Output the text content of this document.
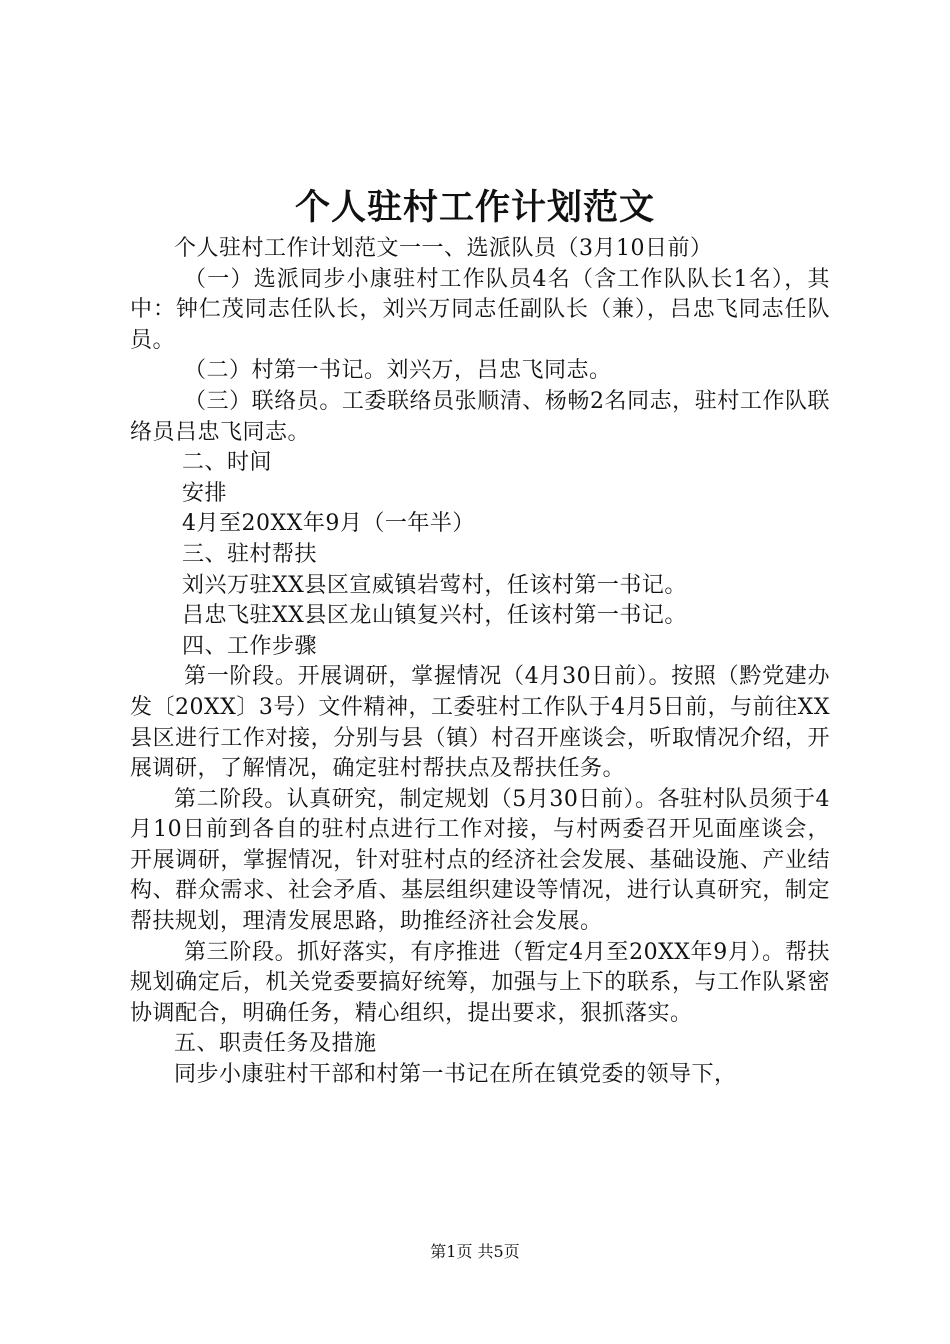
个人驻村工作计划范文

个人驻村工作计划范文一一、选派队员（3月10日前）

（一）选派同步小康驻村工作队员4名（含工作队队长1名），其中：钟仁茂同志任队长，刘兴万同志任副队长（兼），吕忠飞同志任队员。

（二）村第一书记。刘兴万，吕忠飞同志。

（三）联络员。工委联络员张顺清、杨畅2名同志，驻村工作队联络员吕忠飞同志。

二、时间

安排

4月至20XX年9月（一年半）

三、驻村帮扶

刘兴万驻XX县区宣威镇岩莺村，任该村第一书记。

吕忠飞驻XX县区龙山镇复兴村，任该村第一书记。

四、工作步骤

第一阶段。开展调研，掌握情况（4月30日前）。按照（黔党建办发〔20XX〕3号）文件精神，工委驻村工作队于4月5日前，与前往XX县区进行工作对接，分别与县（镇）村召开座谈会，听取情况介绍，开展调研，了解情况，确定驻村帮扶点及帮扶任务。

第二阶段。认真研究，制定规划（5月30日前）。各驻村队员须于4月10日前到各自的驻村点进行工作对接，与村两委召开见面座谈会，开展调研，掌握情况，针对驻村点的经济社会发展、基础设施、产业结构、群众需求、社会矛盾、基层组织建设等情况，进行认真研究，制定帮扶规划，理清发展思路，助推经济社会发展。

第三阶段。抓好落实，有序推进（暂定4月至20XX年9月）。帮扶规划确定后，机关党委要搞好统筹，加强与上下的联系，与工作队紧密协调配合，明确任务，精心组织，提出要求，狠抓落实。

五、职责任务及措施

同步小康驻村干部和村第一书记在所在镇党委的领导下，

第1页 共5页
